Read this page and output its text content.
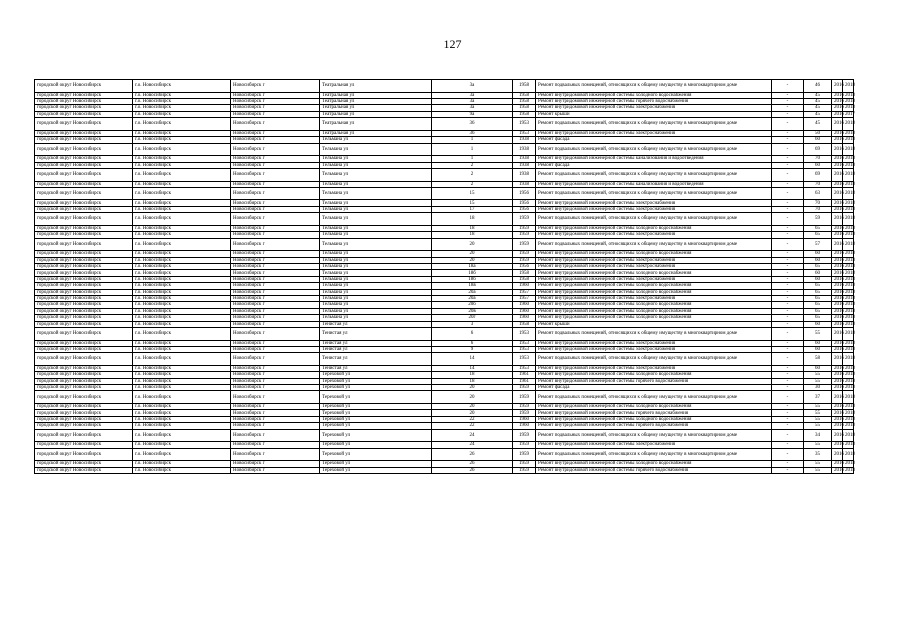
127
городской округ Новосибирск	г.о. Новосибирск	Новосибирск г	Театральная ул	3а	1958	Ремонт подвальных помещений, относящихся к общему имуществу в многоквартирном доме	-	46	2016	2018
городской округ Новосибирск	г.о. Новосибирск	Новосибирск г	Театральная ул	3а	1958	Ремонт внутридомовой инженерной системы холодного водоснабжения	-	45	2016	2018
городской округ Новосибирск	г.о. Новосибирск	Новосибирск г	Театральная ул	3а	1958	Ремонт внутридомовой инженерной системы горячего водоснабжения	-	45	2016	2018
городской округ Новосибирск	г.о. Новосибирск	Новосибирск г	Театральная ул	3а	1958	Ремонт внутридомовой инженерной системы электроснабжения	-	45	2016	2018
городской округ Новосибирск	г.о. Новосибирск	Новосибирск г	Театральная ул	9а	1958	Ремонт крыши	-	45	2016	2017
городской округ Новосибирск	г.о. Новосибирск	Новосибирск г	Театральная ул	36	1953	Ремонт подвальных помещений, относящихся к общему имуществу в многоквартирном доме	-	45	2016	2018
городской округ Новосибирск	г.о. Новосибирск	Новосибирск г	Театральная ул	36	1953	Ремонт внутридомовой инженерной системы электроснабжения	-	50	2016	2018
городской округ Новосибирск	г.о. Новосибирск	Новосибирск г	Тельмана ул	1	1938	Ремонт фасада	-	60	2016	2018
городской округ Новосибирск	г.о. Новосибирск	Новосибирск г	Тельмана ул	1	1938	Ремонт подвальных помещений, относящихся к общему имуществу в многоквартирном доме	-	69	2016	2018
городской округ Новосибирск	г.о. Новосибирск	Новосибирск г	Тельмана ул	1	1938	Ремонт внутридомовой инженерной системы канализования и водоотведения	-	70	2016	2018
городской округ Новосибирск	г.о. Новосибирск	Новосибирск г	Тельмана ул	2	1938	Ремонт фасада	-	60	2016	2018
городской округ Новосибирск	г.о. Новосибирск	Новосибирск г	Тельмана ул	2	1938	Ремонт подвальных помещений, относящихся к общему имуществу в многоквартирном доме	-	69	2016	2018
городской округ Новосибирск	г.о. Новосибирск	Новосибирск г	Тельмана ул	2	1938	Ремонт внутридомовой инженерной системы канализования и водоотведения	-	70	2016	2018
городской округ Новосибирск	г.о. Новосибирск	Новосибирск г	Тельмана ул	15	1956	Ремонт подвальных помещений, относящихся к общему имуществу в многоквартирном доме	-	63	2016	2018
городской округ Новосибирск	г.о. Новосибирск	Новосибирск г	Тельмана ул	15	1956	Ремонт внутридомовой инженерной системы электроснабжения	-	70	2016	2018
городской округ Новосибирск	г.о. Новосибирск	Новосибирск г	Тельмана ул	17	1956	Ремонт внутридомовой инженерной системы электроснабжения	-	70	2016	2018
городской округ Новосибирск	г.о. Новосибирск	Новосибирск г	Тельмана ул	18	1959	Ремонт подвальных помещений, относящихся к общему имуществу в многоквартирном доме	-	59	2016	2018
городской округ Новосибирск	г.о. Новосибирск	Новосибирск г	Тельмана ул	18	1959	Ремонт внутридомовой инженерной системы холодного водоснабжения	-	65	2016	2018
городской округ Новосибирск	г.о. Новосибирск	Новосибирск г	Тельмана ул	18	1959	Ремонт внутридомовой инженерной системы электроснабжения	-	65	2016	2018
городской округ Новосибирск	г.о. Новосибирск	Новосибирск г	Тельмана ул	20	1959	Ремонт подвальных помещений, относящихся к общему имуществу в многоквартирном доме	-	57	2016	2018
городской округ Новосибирск	г.о. Новосибирск	Новосибирск г	Тельмана ул	20	1959	Ремонт внутридомовой инженерной системы холодного водоснабжения	-	60	2016	2018
городской округ Новосибирск	г.о. Новосибирск	Новосибирск г	Тельмана ул	20	1959	Ремонт внутридомовой инженерной системы электроснабжения	-	60	2016	2018
городской округ Новосибирск	г.о. Новосибирск	Новосибирск г	Тельмана ул	18а	1956	Ремонт внутридомовой инженерной системы электроснабжения	-	65	2016	2018
городской округ Новосибирск	г.о. Новосибирск	Новосибирск г	Тельмана ул	18б	1958	Ремонт внутридомовой инженерной системы холодного водоснабжения	-	60	2016	2018
городской округ Новосибирск	г.о. Новосибирск	Новосибирск г	Тельмана ул	18б	1958	Ремонт внутридомовой инженерной системы электроснабжения	-	60	2016	2018
городской округ Новосибирск	г.о. Новосибирск	Новосибирск г	Тельмана ул	18в	1960	Ремонт внутридомовой инженерной системы холодного водоснабжения	-	65	2016	2018
городской округ Новосибирск	г.о. Новосибирск	Новосибирск г	Тельмана ул	20а	1957	Ремонт внутридомовой инженерной системы холодного водоснабжения	-	65	2016	2018
городской округ Новосибирск	г.о. Новосибирск	Новосибирск г	Тельмана ул	20а	1957	Ремонт внутридомовой инженерной системы электроснабжения	-	65	2016	2018
городской округ Новосибирск	г.о. Новосибирск	Новосибирск г	Тельмана ул	20б	1960	Ремонт внутридомовой инженерной системы холодного водоснабжения	-	65	2016	2018
городской округ Новосибирск	г.о. Новосибирск	Новосибирск г	Тельмана ул	20в	1960	Ремонт внутридомовой инженерной системы холодного водоснабжения	-	65	2016	2018
городской округ Новосибирск	г.о. Новосибирск	Новосибирск г	Тельмана ул	20г	1960	Ремонт внутридомовой инженерной системы холодного водоснабжения	-	65	2016	2018
городской округ Новосибирск	г.о. Новосибирск	Новосибирск г	Тенистая ул	3	1958	Ремонт крыши	-	60	2016	2018
городской округ Новосибирск	г.о. Новосибирск	Новосибирск г	Тенистая ул	6	1953	Ремонт подвальных помещений, относящихся к общему имуществу в многоквартирном доме	-	55	2016	2018
городской округ Новосибирск	г.о. Новосибирск	Новосибирск г	Тенистая ул	6	1953	Ремонт внутридомовой инженерной системы электроснабжения	-	60	2016	2018
городской округ Новосибирск	г.о. Новосибирск	Новосибирск г	Тенистая ул	9	1953	Ремонт внутридомовой инженерной системы электроснабжения	-	60	2016	2018
городской округ Новосибирск	г.о. Новосибирск	Новосибирск г	Тенистая ул	14	1953	Ремонт подвальных помещений, относящихся к общему имуществу в многоквартирном доме	-	58	2016	2018
городской округ Новосибирск	г.о. Новосибирск	Новосибирск г	Тенистая ул	14	1953	Ремонт внутридомовой инженерной системы электроснабжения	-	60	2016	2018
городской округ Новосибирск	г.о. Новосибирск	Новосибирск г	Тереховой ул	18	1961	Ремонт внутридомовой инженерной системы холодного водоснабжения	-	55	2016	2018
городской округ Новосибирск	г.о. Новосибирск	Новосибирск г	Тереховой ул	18	1961	Ремонт внутридомовой инженерной системы горячего водоснабжения	-	55	2016	2018
городской округ Новосибирск	г.о. Новосибирск	Новосибирск г	Тереховой ул	20	1959	Ремонт фасада	-	30	2016	2018
городской округ Новосибирск	г.о. Новосибирск	Новосибирск г	Тереховой ул	20	1959	Ремонт подвальных помещений, относящихся к общему имуществу в многоквартирном доме	-	37	2016	2018
городской округ Новосибирск	г.о. Новосибирск	Новосибирск г	Тереховой ул	20	1959	Ремонт внутридомовой инженерной системы холодного водоснабжения	-	55	2016	2018
городской округ Новосибирск	г.о. Новосибирск	Новосибирск г	Тереховой ул	20	1959	Ремонт внутридомовой инженерной системы горячего водоснабжения	-	55	2016	2018
городской округ Новосибирск	г.о. Новосибирск	Новосибирск г	Тереховой ул	22	1960	Ремонт внутридомовой инженерной системы холодного водоснабжения	-	55	2016	2018
городской округ Новосибирск	г.о. Новосибирск	Новосибирск г	Тереховой ул	22	1960	Ремонт внутридомовой инженерной системы горячего водоснабжения	-	55	2016	2018
городской округ Новосибирск	г.о. Новосибирск	Новосибирск г	Тереховой ул	24	1959	Ремонт подвальных помещений, относящихся к общему имуществу в многоквартирном доме	-	34	2016	2018
городской округ Новосибирск	г.о. Новосибирск	Новосибирск г	Тереховой ул	24	1959	Ремонт внутридомовой инженерной системы электроснабжения	-	55	2016	2018
городской округ Новосибирск	г.о. Новосибирск	Новосибирск г	Тереховой ул	26	1959	Ремонт подвальных помещений, относящихся к общему имуществу в многоквартирном доме	-	35	2016	2018
городской округ Новосибирск	г.о. Новосибирск	Новосибирск г	Тереховой ул	26	1959	Ремонт внутридомовой инженерной системы холодного водоснабжения	-	55	2016	2018
городской округ Новосибирск	г.о. Новосибирск	Новосибирск г	Тереховой ул	26	1959	Ремонт внутридомовой инженерной системы горячего водоснабжения	-	55	2016	2018
